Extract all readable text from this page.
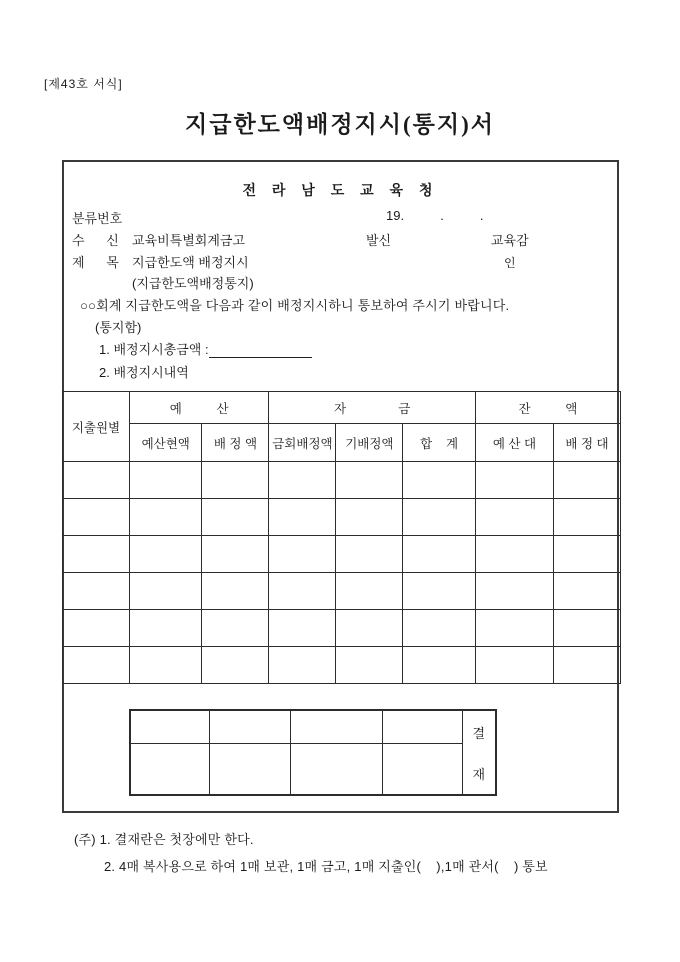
[제43호 서식]
지급한도액배정지시(통지)서
전 라 남 도 교 육 청
분류번호	19.          .          .
수      신 교육비특별회계금고	발신	교육감
제      목 지급한도액 배정지시	인
(지급한도액배정통지)
○○회계 지급한도액을 다음과 같이 배정지시하니 통보하여 주시기 바랍니다.
(통지함)
1. 배정지시총금액 :
2. 배정지시내역
지출원별	예          산		자               금			잔          액	
	예산현액	배 정 액	금회배정액	기배정액	합    계	예 산 대	배 정 대

				결
재

(주) 1. 결재란은 첫장에만 한다.
2. 4매 복사용으로 하여 1매 보관, 1매 금고, 1매 지출인(    ),1매 관서(    ) 통보
